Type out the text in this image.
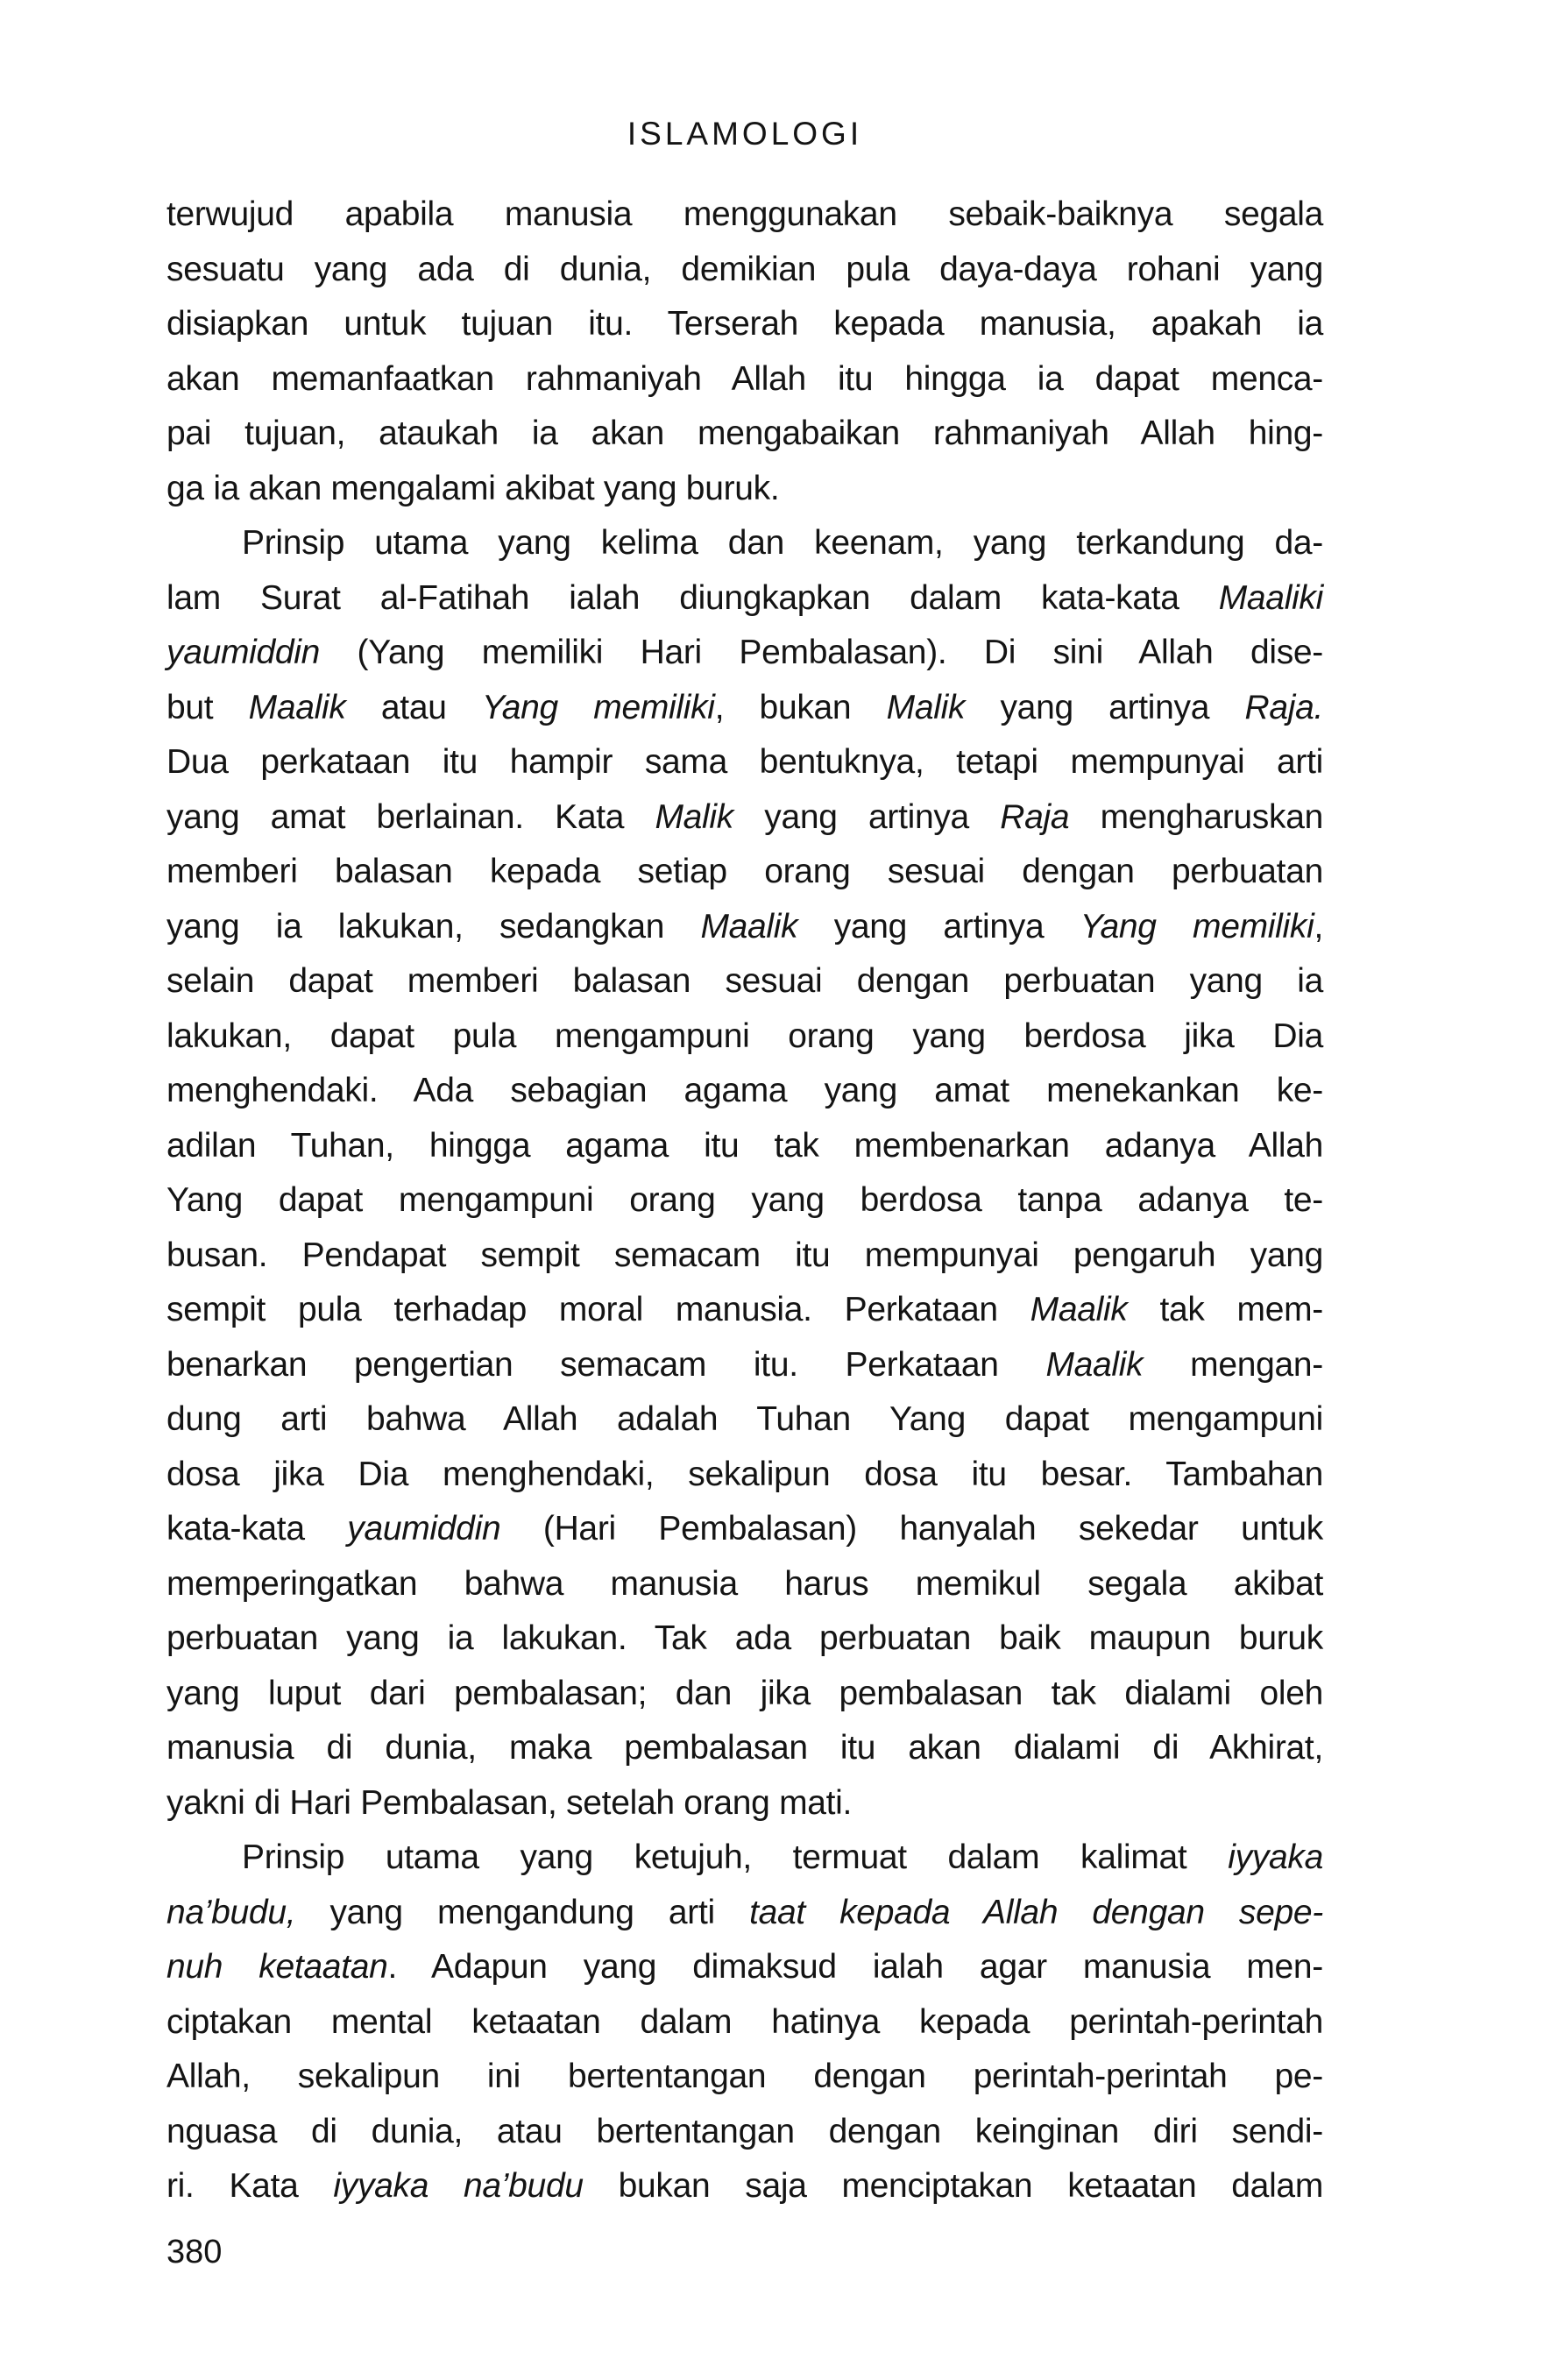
ISLAMOLOGI
terwujud apabila manusia menggunakan sebaik-baiknya segala
sesuatu yang ada di dunia, demikian pula daya-daya rohani yang
disiapkan untuk tujuan itu. Terserah kepada manusia, apakah ia
akan memanfaatkan rahmaniyah Allah itu hingga ia dapat menca-
pai tujuan, ataukah ia akan mengabaikan rahmaniyah Allah hing-
ga ia akan mengalami akibat yang buruk.
Prinsip utama yang kelima dan keenam, yang terkandung da-
lam Surat al-Fatihah ialah diungkapkan dalam kata-kata Maaliki
yaumiddin (Yang memiliki Hari Pembalasan). Di sini Allah dise-
but Maalik atau Yang memiliki, bukan Malik yang artinya Raja.
Dua perkataan itu hampir sama bentuknya, tetapi mempunyai arti
yang amat berlainan. Kata Malik yang artinya Raja mengharuskan
memberi balasan kepada setiap orang sesuai dengan perbuatan
yang ia lakukan, sedangkan Maalik yang artinya Yang memiliki,
selain dapat memberi balasan sesuai dengan perbuatan yang ia
lakukan, dapat pula mengampuni orang yang berdosa jika Dia
menghendaki. Ada sebagian agama yang amat menekankan ke-
adilan Tuhan, hingga agama itu tak membenarkan adanya Allah
Yang dapat mengampuni orang yang berdosa tanpa adanya te-
busan. Pendapat sempit semacam itu mempunyai pengaruh yang
sempit pula terhadap moral manusia. Perkataan Maalik tak mem-
benarkan pengertian semacam itu. Perkataan Maalik mengan-
dung arti bahwa Allah adalah Tuhan Yang dapat mengampuni
dosa jika Dia menghendaki, sekalipun dosa itu besar. Tambahan
kata-kata yaumiddin (Hari Pembalasan) hanyalah sekedar untuk
memperingatkan bahwa manusia harus memikul segala akibat
perbuatan yang ia lakukan. Tak ada perbuatan baik maupun buruk
yang luput dari pembalasan; dan jika pembalasan tak dialami oleh
manusia di dunia, maka pembalasan itu akan dialami di Akhirat,
yakni di Hari Pembalasan, setelah orang mati.
Prinsip utama yang ketujuh, termuat dalam kalimat iyyaka
na’budu, yang mengandung arti taat kepada Allah dengan sepe-
nuh ketaatan. Adapun yang dimaksud ialah agar manusia men-
ciptakan mental ketaatan dalam hatinya kepada perintah-perintah
Allah, sekalipun ini bertentangan dengan perintah-perintah pe-
nguasa di dunia, atau bertentangan dengan keinginan diri sendi-
ri. Kata iyyaka na’budu bukan saja menciptakan ketaatan dalam
380
